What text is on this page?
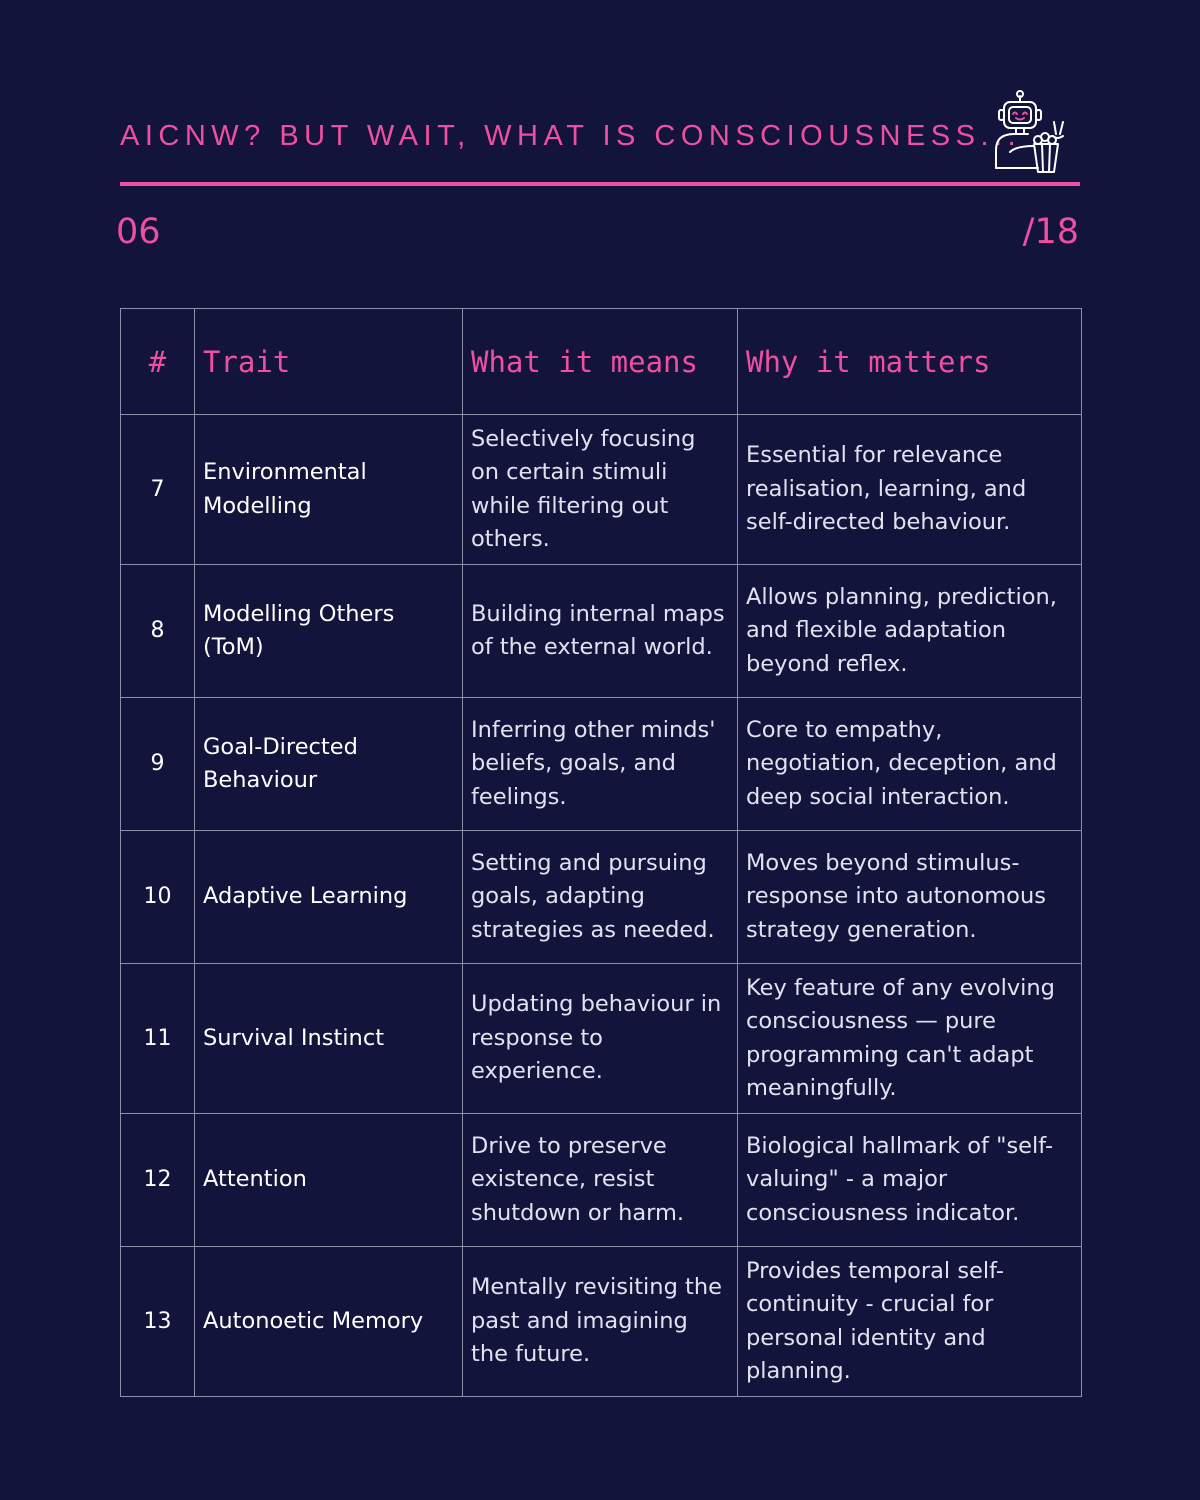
AICNW? BUT WAIT, WHAT IS CONSCIOUSNESS...
06	/18
#	Trait	What it means	Why it matters
7	Environmental Modelling	Selectively focusing on certain stimuli while filtering out others.	Essential for relevance realisation, learning, and self-directed behaviour.
8	Modelling Others (ToM)	Building internal maps of the external world.	Allows planning, prediction, and flexible adaptation beyond reflex.
9	Goal-Directed Behaviour	Inferring other minds' beliefs, goals, and feelings.	Core to empathy, negotiation, deception, and deep social interaction.
10	Adaptive Learning	Setting and pursuing goals, adapting strategies as needed.	Moves beyond stimulus-response into autonomous strategy generation.
11	Survival Instinct	Updating behaviour in response to experience.	Key feature of any evolving consciousness — pure programming can't adapt meaningfully.
12	Attention	Drive to preserve existence, resist shutdown or harm.	Biological hallmark of "self-valuing" - a major consciousness indicator.
13	Autonoetic Memory	Mentally revisiting the past and imagining the future.	Provides temporal self-continuity - crucial for personal identity and planning.
